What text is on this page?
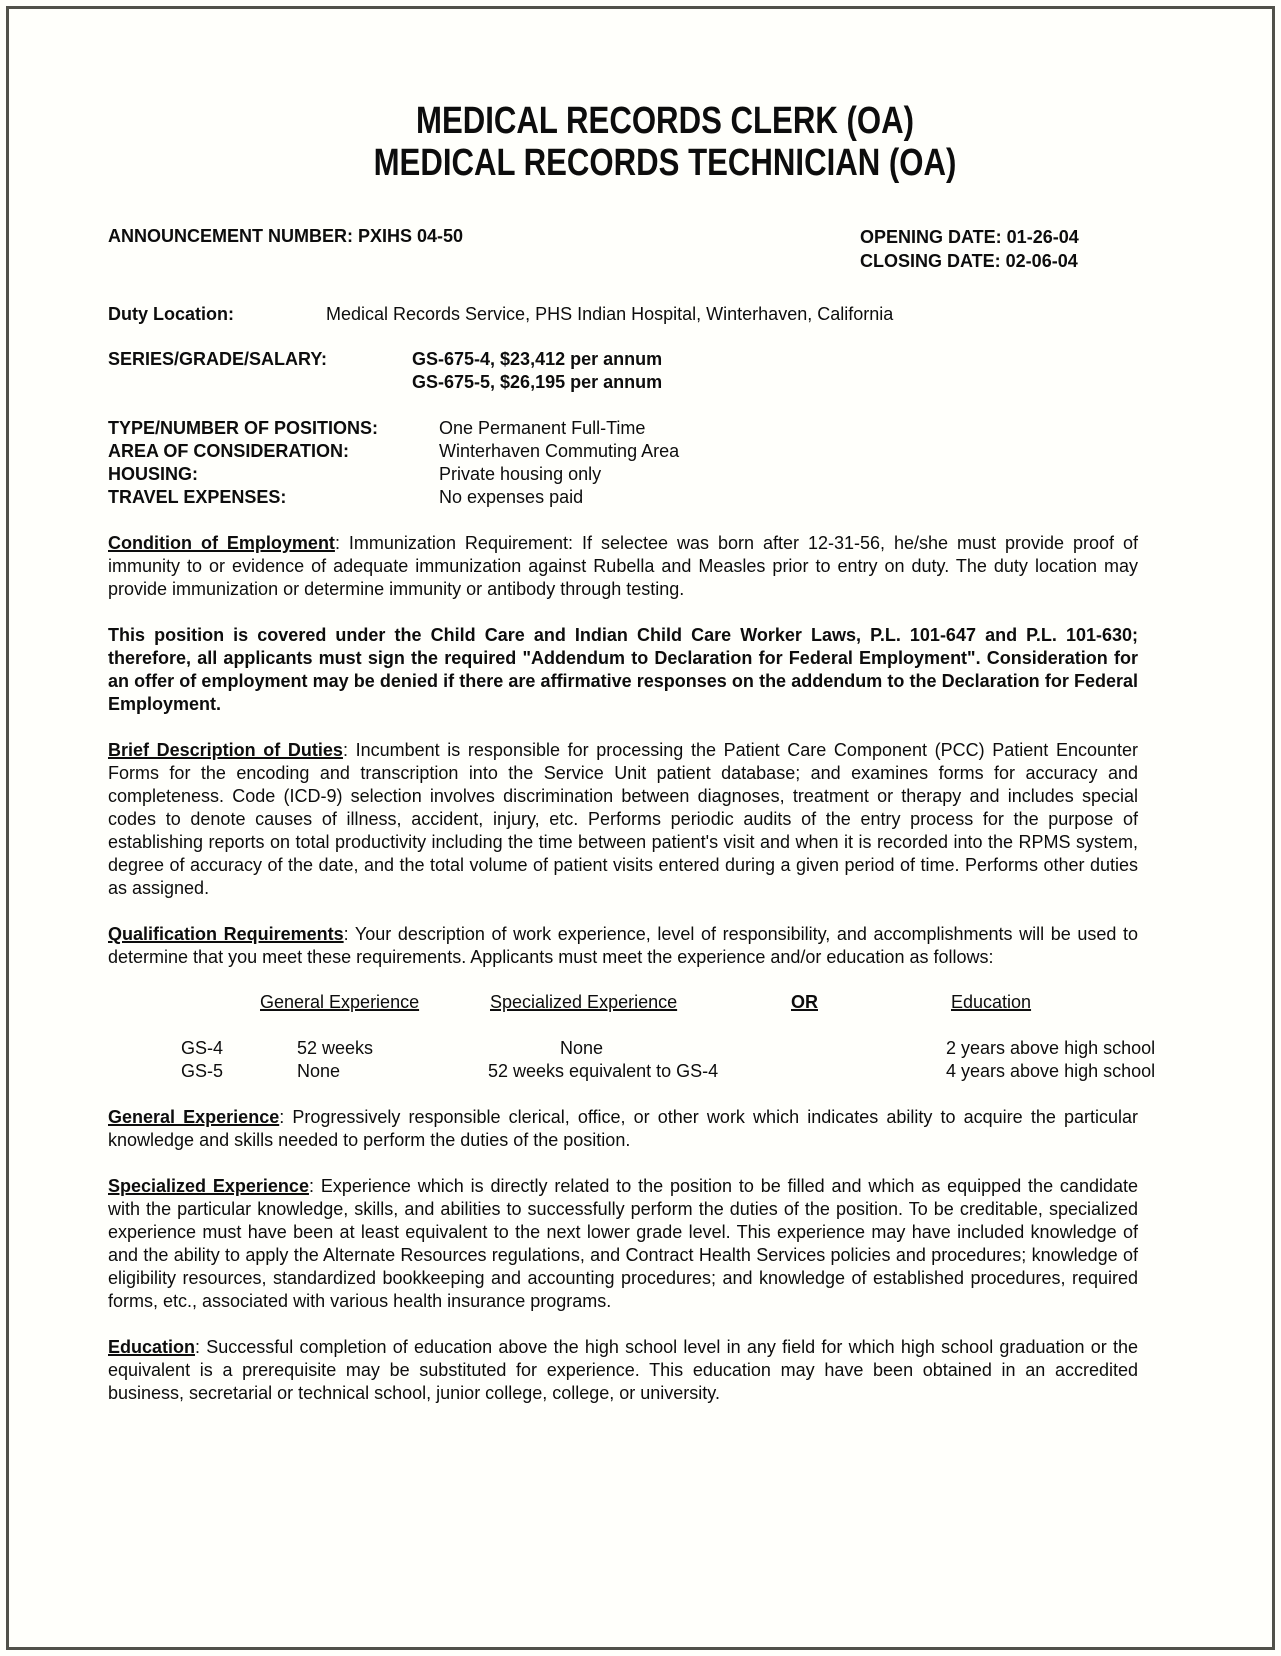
MEDICAL RECORDS CLERK (OA)
MEDICAL RECORDS TECHNICIAN (OA)
ANNOUNCEMENT NUMBER: PXIHS 04-50	OPENING DATE: 01-26-04
CLOSING DATE: 02-06-04
Duty Location:	Medical Records Service, PHS Indian Hospital, Winterhaven, California
SERIES/GRADE/SALARY:	GS-675-4, $23,412 per annum
GS-675-5, $26,195 per annum
TYPE/NUMBER OF POSITIONS:	One Permanent Full-Time
AREA OF CONSIDERATION:	Winterhaven Commuting Area
HOUSING:	Private housing only
TRAVEL EXPENSES:	No expenses paid

Condition of Employment: Immunization Requirement: If selectee was born after 12-31-56, he/she must provide proof of immunity to or evidence of adequate immunization against Rubella and Measles prior to entry on duty. The duty location may provide immunization or determine immunity or antibody through testing.

This position is covered under the Child Care and Indian Child Care Worker Laws, P.L. 101-647 and P.L. 101-630; therefore, all applicants must sign the required "Addendum to Declaration for Federal Employment". Consideration for an offer of employment may be denied if there are affirmative responses on the addendum to the Declaration for Federal Employment.

Brief Description of Duties: Incumbent is responsible for processing the Patient Care Component (PCC) Patient Encounter Forms for the encoding and transcription into the Service Unit patient database; and examines forms for accuracy and completeness. Code (ICD-9) selection involves discrimination between diagnoses, treatment or therapy and includes special codes to denote causes of illness, accident, injury, etc. Performs periodic audits of the entry process for the purpose of establishing reports on total productivity including the time between patient's visit and when it is recorded into the RPMS system, degree of accuracy of the date, and the total volume of patient visits entered during a given period of time. Performs other duties as assigned.

Qualification Requirements: Your description of work experience, level of responsibility, and accomplishments will be used to determine that you meet these requirements. Applicants must meet the experience and/or education as follows:

General Experience	Specialized Experience	OR	Education
GS-4	52 weeks	None	2 years above high school
GS-5	None	52 weeks equivalent to GS-4	4 years above high school

General Experience: Progressively responsible clerical, office, or other work which indicates ability to acquire the particular knowledge and skills needed to perform the duties of the position.

Specialized Experience: Experience which is directly related to the position to be filled and which as equipped the candidate with the particular knowledge, skills, and abilities to successfully perform the duties of the position. To be creditable, specialized experience must have been at least equivalent to the next lower grade level. This experience may have included knowledge of and the ability to apply the Alternate Resources regulations, and Contract Health Services policies and procedures; knowledge of eligibility resources, standardized bookkeeping and accounting procedures; and knowledge of established procedures, required forms, etc., associated with various health insurance programs.

Education: Successful completion of education above the high school level in any field for which high school graduation or the equivalent is a prerequisite may be substituted for experience. This education may have been obtained in an accredited business, secretarial or technical school, junior college, college, or university.
